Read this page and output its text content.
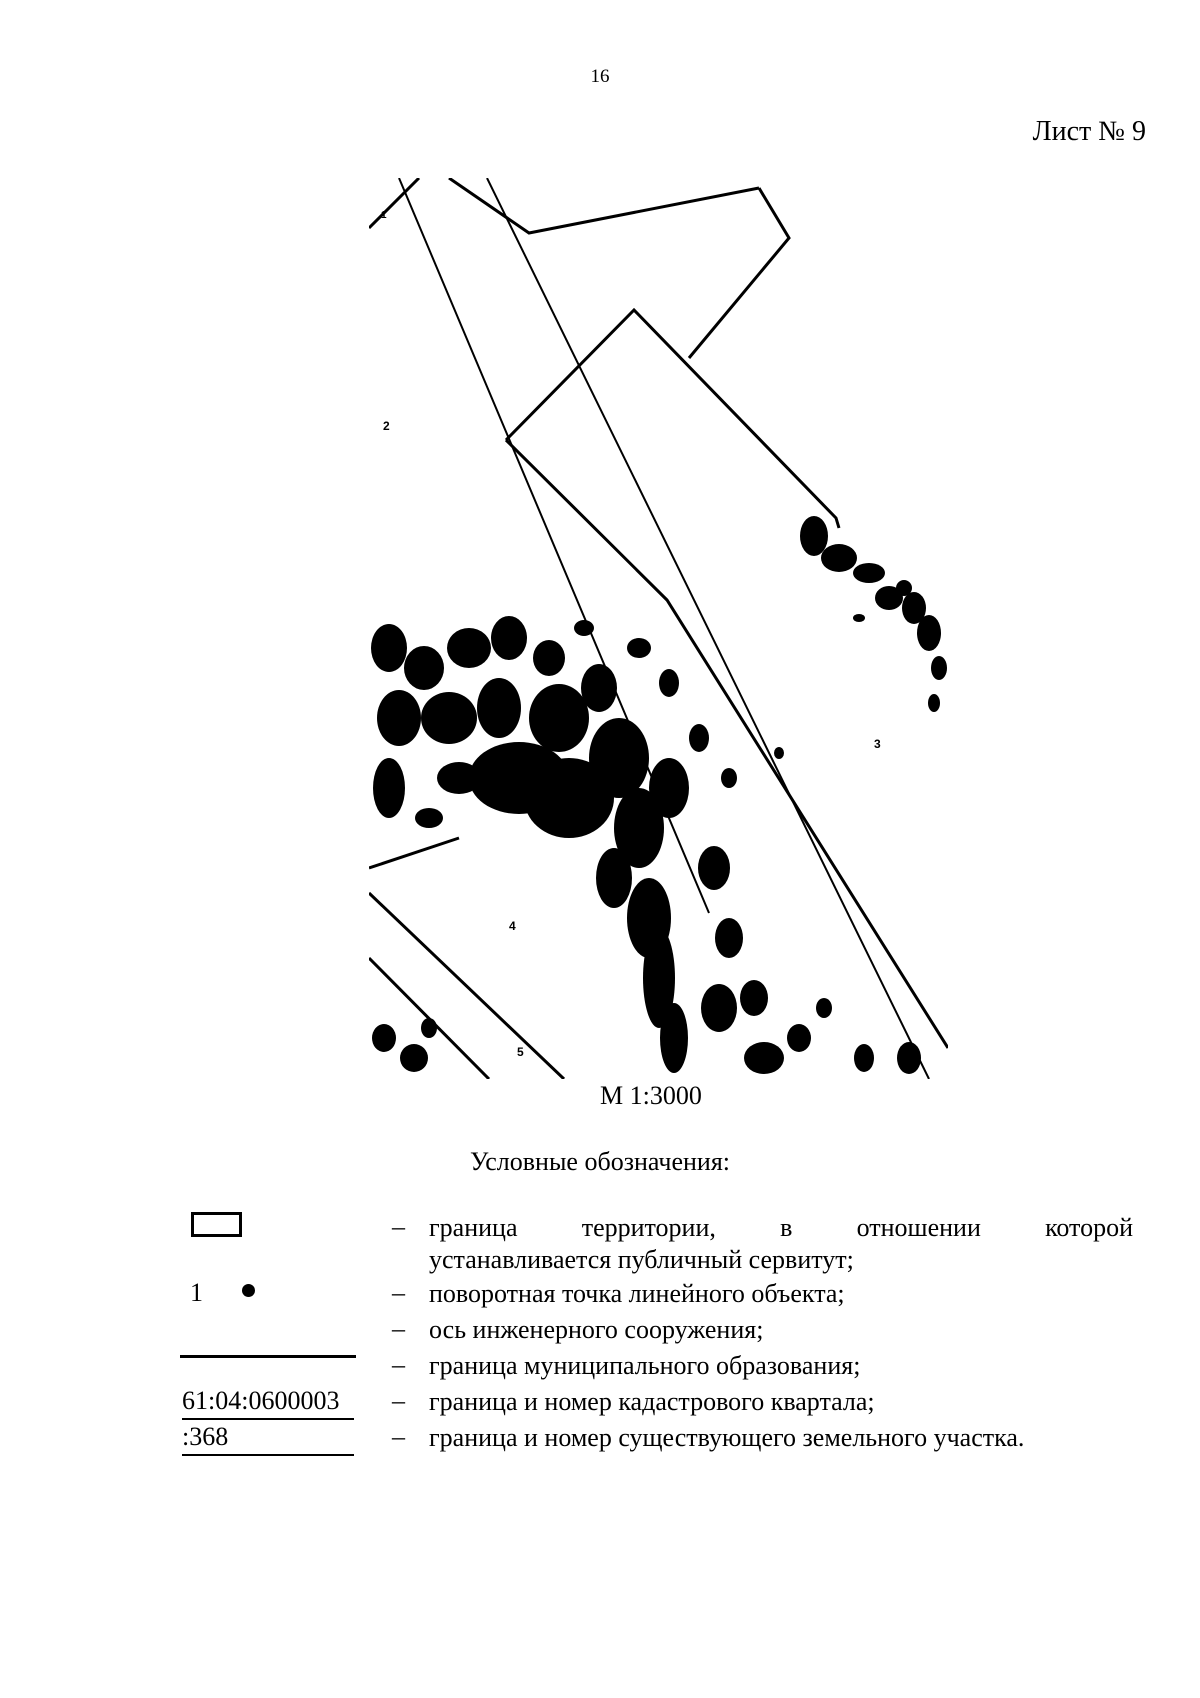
16
Лист № 9
1
2
3
4
5
М 1:3000
Условные обозначения:
– граница территории, в отношении которой
устанавливается публичный сервитут;
1	– поворотная точка линейного объекта;
– ось инженерного сооружения;
– граница муниципального образования;
61:04:0600003 – граница и номер кадастрового квартала;
:368	– граница и номер существующего земельного участка.
